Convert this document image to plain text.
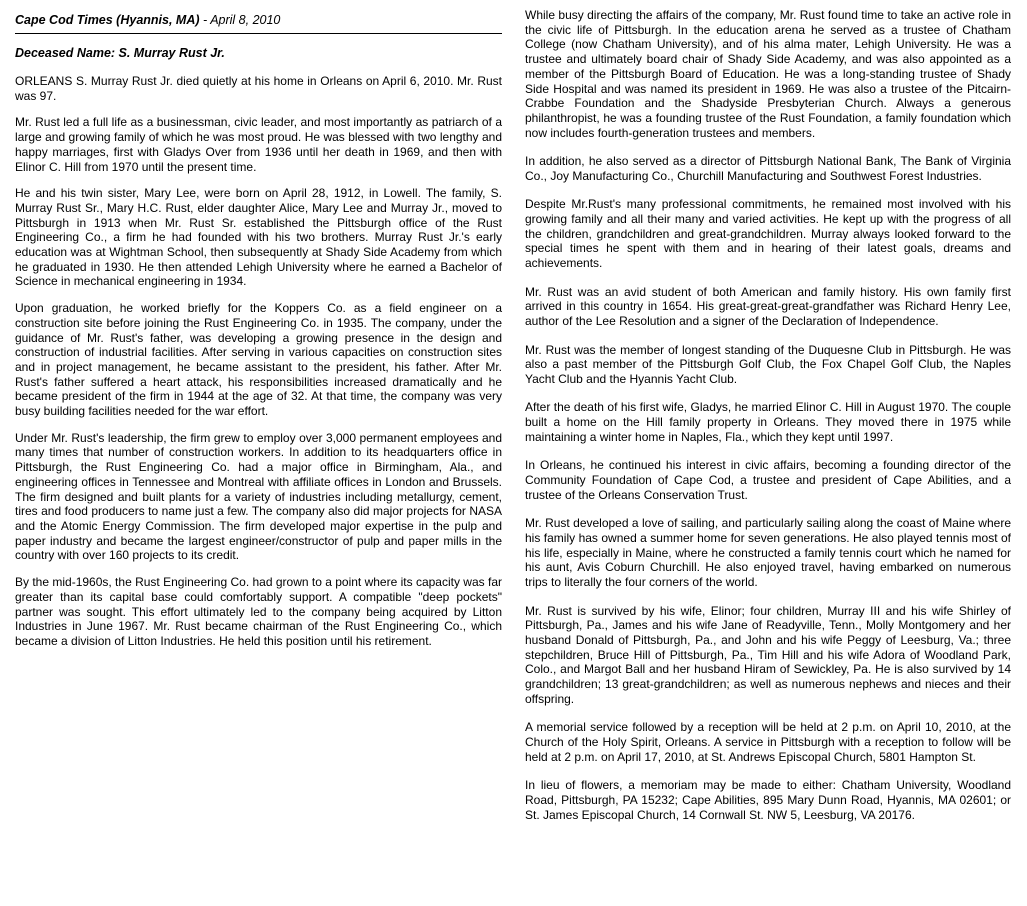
Cape Cod Times (Hyannis, MA) - April 8, 2010
Deceased Name: S. Murray Rust Jr.

ORLEANS S. Murray Rust Jr. died quietly at his home in Orleans on April 6, 2010. Mr. Rust was 97.

Mr. Rust led a full life as a businessman, civic leader, and most importantly as patriarch of a large and growing family of which he was most proud. He was blessed with two lengthy and happy marriages, first with Gladys Over from 1936 until her death in 1969, and then with Elinor C. Hill from 1970 until the present time.

He and his twin sister, Mary Lee, were born on April 28, 1912, in Lowell. The family, S. Murray Rust Sr., Mary H.C. Rust, elder daughter Alice, Mary Lee and Murray Jr., moved to Pittsburgh in 1913 when Mr. Rust Sr. established the Pittsburgh office of the Rust Engineering Co., a firm he had founded with his two brothers. Murray Rust Jr.'s early education was at Wightman School, then subsequently at Shady Side Academy from which he graduated in 1930. He then attended Lehigh University where he earned a Bachelor of Science in mechanical engineering in 1934.

Upon graduation, he worked briefly for the Koppers Co. as a field engineer on a construction site before joining the Rust Engineering Co. in 1935. The company, under the guidance of Mr. Rust's father, was developing a growing presence in the design and construction of industrial facilities. After serving in various capacities on construction sites and in project management, he became assistant to the president, his father. After Mr. Rust's father suffered a heart attack, his responsibilities increased dramatically and he became president of the firm in 1944 at the age of 32. At that time, the company was very busy building facilities needed for the war effort.

Under Mr. Rust's leadership, the firm grew to employ over 3,000 permanent employees and many times that number of construction workers. In addition to its headquarters office in Pittsburgh, the Rust Engineering Co. had a major office in Birmingham, Ala., and engineering offices in Tennessee and Montreal with affiliate offices in London and Brussels. The firm designed and built plants for a variety of industries including metallurgy, cement, tires and food producers to name just a few. The company also did major projects for NASA and the Atomic Energy Commission. The firm developed major expertise in the pulp and paper industry and became the largest engineer/constructor of pulp and paper mills in the country with over 160 projects to its credit.

By the mid-1960s, the Rust Engineering Co. had grown to a point where its capacity was far greater than its capital base could comfortably support. A compatible "deep pockets" partner was sought. This effort ultimately led to the company being acquired by Litton Industries in June 1967. Mr. Rust became chairman of the Rust Engineering Co., which became a division of Litton Industries. He held this position until his retirement.

While busy directing the affairs of the company, Mr. Rust found time to take an active role in the civic life of Pittsburgh. In the education arena he served as a trustee of Chatham College (now Chatham University), and of his alma mater, Lehigh University. He was a trustee and ultimately board chair of Shady Side Academy, and was also appointed as a member of the Pittsburgh Board of Education. He was a long-standing trustee of Shady Side Hospital and was named its president in 1969. He was also a trustee of the Pitcairn-Crabbe Foundation and the Shadyside Presbyterian Church. Always a generous philanthropist, he was a founding trustee of the Rust Foundation, a family foundation which now includes fourth-generation trustees and members.

In addition, he also served as a director of Pittsburgh National Bank, The Bank of Virginia Co., Joy Manufacturing Co., Churchill Manufacturing and Southwest Forest Industries.

Despite Mr.Rust's many professional commitments, he remained most involved with his growing family and all their many and varied activities. He kept up with the progress of all the children, grandchildren and great-grandchildren. Murray always looked forward to the special times he spent with them and in hearing of their latest goals, dreams and achievements.

Mr. Rust was an avid student of both American and family history. His own family first arrived in this country in 1654. His great-great-great-grandfather was Richard Henry Lee, author of the Lee Resolution and a signer of the Declaration of Independence.

Mr. Rust was the member of longest standing of the Duquesne Club in Pittsburgh. He was also a past member of the Pittsburgh Golf Club, the Fox Chapel Golf Club, the Naples Yacht Club and the Hyannis Yacht Club.

After the death of his first wife, Gladys, he married Elinor C. Hill in August 1970. The couple built a home on the Hill family property in Orleans. They moved there in 1975 while maintaining a winter home in Naples, Fla., which they kept until 1997.

In Orleans, he continued his interest in civic affairs, becoming a founding director of the Community Foundation of Cape Cod, a trustee and president of Cape Abilities, and a trustee of the Orleans Conservation Trust.

Mr. Rust developed a love of sailing, and particularly sailing along the coast of Maine where his family has owned a summer home for seven generations. He also played tennis most of his life, especially in Maine, where he constructed a family tennis court which he named for his aunt, Avis Coburn Churchill. He also enjoyed travel, having embarked on numerous trips to literally the four corners of the world.

Mr. Rust is survived by his wife, Elinor; four children, Murray III and his wife Shirley of Pittsburgh, Pa., James and his wife Jane of Readyville, Tenn., Molly Montgomery and her husband Donald of Pittsburgh, Pa., and John and his wife Peggy of Leesburg, Va.; three stepchildren, Bruce Hill of Pittsburgh, Pa., Tim Hill and his wife Adora of Woodland Park, Colo., and Margot Ball and her husband Hiram of Sewickley, Pa. He is also survived by 14 grandchildren; 13 great-grandchildren; as well as numerous nephews and nieces and their offspring.

A memorial service followed by a reception will be held at 2 p.m. on April 10, 2010, at the Church of the Holy Spirit, Orleans. A service in Pittsburgh with a reception to follow will be held at 2 p.m. on April 17, 2010, at St. Andrews Episcopal Church, 5801 Hampton St.

In lieu of flowers, a memoriam may be made to either: Chatham University, Woodland Road, Pittsburgh, PA 15232; Cape Abilities, 895 Mary Dunn Road, Hyannis, MA 02601; or St. James Episcopal Church, 14 Cornwall St. NW 5, Leesburg, VA 20176.
